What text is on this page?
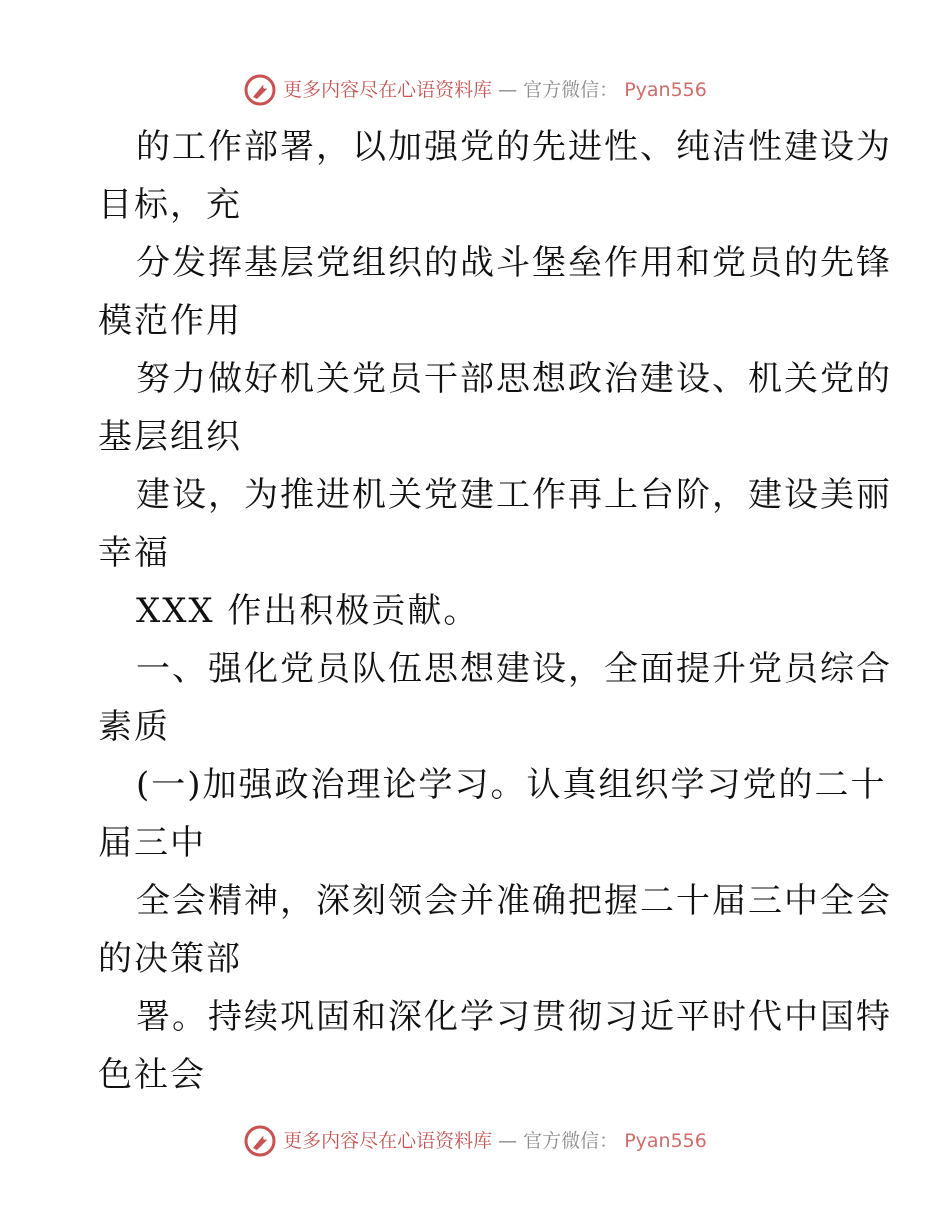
更多内容尽在心语资料库 — 官方微信： Pyan556
的工作部署，以加强党的先进性、纯洁性建设为
目标，充
分发挥基层党组织的战斗堡垒作用和党员的先锋
模范作用
努力做好机关党员干部思想政治建设、机关党的
基层组织
建设，为推进机关党建工作再上台阶，建设美丽
幸福
XXX 作出积极贡献。
一、强化党员队伍思想建设，全面提升党员综合
素质
(一)加强政治理论学习。认真组织学习党的二十
届三中
全会精神，深刻领会并准确把握二十届三中全会
的决策部
署。持续巩固和深化学习贯彻习近平时代中国特
色社会
更多内容尽在心语资料库 — 官方微信： Pyan556
